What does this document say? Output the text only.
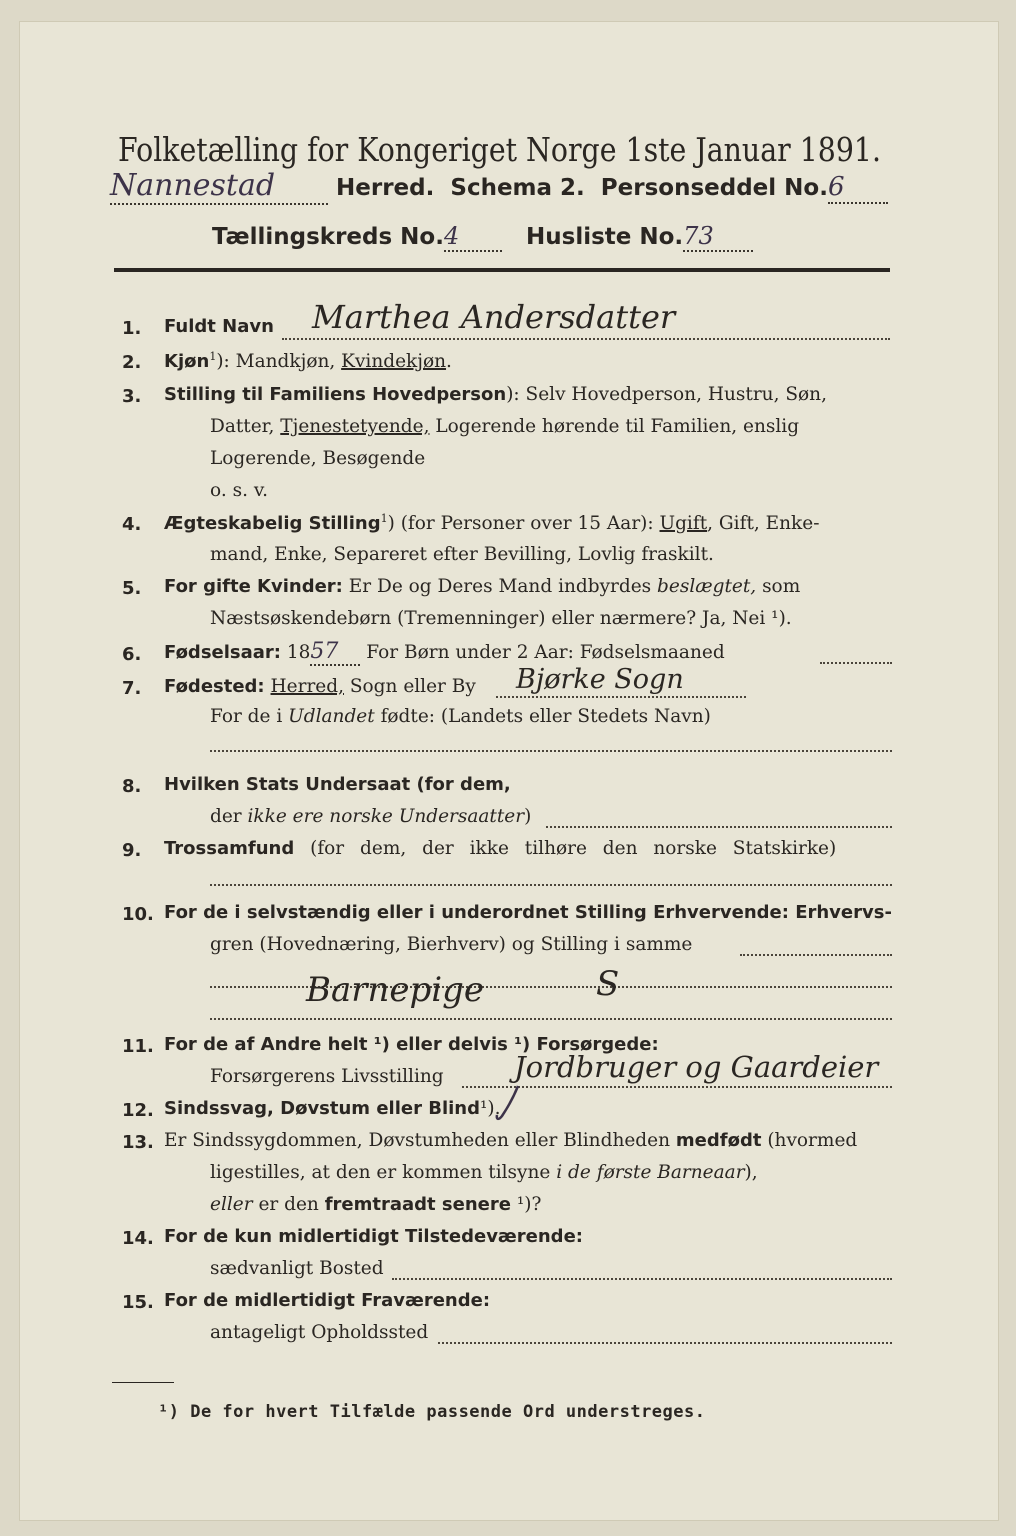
Folketælling for Kongeriget Norge 1ste Januar 1891.
Nannestad	Herred. Schema 2. Personseddel No.6
Tællingskreds No.4	Husliste No.73
1.	Fuldt Navn Marthea Andersdatter
2.	Kjøn$^1$): Mandkjøn, Kvindekjøn.
3.	Stilling til Familiens Hovedperson): Selv Hovedperson, Hustru, Søn,
Datter, Tjenestetyende, Logerende hørende til Familien, enslig
Logerende, Besøgende
o. s. v.
4.	Ægteskabelig Stilling$^1$) (for Personer over 15 Aar): Ugift, Gift, Enke-
mand, Enke, Separeret efter Bevilling, Lovlig fraskilt.
5.	For gifte Kvinder: Er De og Deres Mand indbyrdes beslægtet, som
Næstsøskendebørn (Tremenninger) eller nærmere? Ja, Nei ¹).
6.	Fødselsaar: 1857 For Børn under 2 Aar: Fødselsmaaned
7.	Fødested: Herred, Sogn eller By Bjørke Sogn
For de i Udlandet fødte: (Landets eller Stedets Navn)
8.	Hvilken Stats Undersaat (for dem,
der ikke ere norske Undersaatter)
9.	Trossamfund (for dem, der ikke tilhøre den norske Statskirke)
10. For de i selvstændig eller i underordnet Stilling Erhvervende: Erhvervs-
gren (Hovednæring, Bierhverv) og Stilling i samme
Barnepige	S
11. For de af Andre helt ¹) eller delvis ¹) Forsørgede:
Forsørgerens Livsstilling Jordbruger og Gaardeier
12. Sindssvag, Døvstum eller Blind¹).
13. Er Sindssygdommen, Døvstumheden eller Blindheden medfødt (hvormed
ligestilles, at den er kommen tilsyne i de første Barneaar),
eller er den fremtraadt senere ¹)?
14. For de kun midlertidigt Tilstedeværende:
sædvanligt Bosted
15. For de midlertidigt Fraværende:
antageligt Opholdssted
¹) De for hvert Tilfælde passende Ord understreges.
